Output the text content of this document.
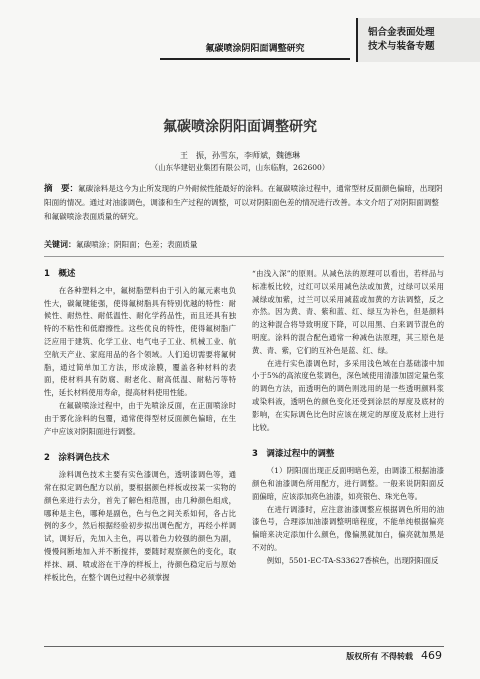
氟碳喷涂阴阳面调整研究
铝合金表面处理
技术与装备专题
氟碳喷涂阴阳面调整研究
王　振，孙雪东，李师斌，魏德琳
（山东华建铝业集团有限公司，山东临朐，262600）
摘　要：氟碳涂料是这今为止所发现的户外耐候性能最好的涂料。在氟碳喷涂过程中，通常型材反面颜色偏暗，出现阴阳面的情况。通过对油漆调色，调漆和生产过程的调整，可以对阴阳面色差的情况进行改善。本文介绍了对阴阳面调整和氟碳喷涂表面质量的研究。
关键词：氟碳喷涂；阴阳面；色差；表面质量
1　概述

在各种塑料之中，氟树脂塑料由于引入的氟元素电负性大，碳氟键能强，使得氟树脂具有特别优越的特性：耐候性、耐热性、耐低温性、耐化学药品性，而且还具有独特的不粘性和低磨擦性。这些优良的特性，使得氟树脂广泛应用于建筑、化学工业、电气电子工业、机械工业、航空航天产业、家庭用品的各个领域。人们追切需要将氟树脂，通过简单加工方法，形成涂膜，覆盖各种材料的表面，使材料具有防腐、耐老化、耐高低温、耐粘污等特性，延长材料使用寿命，提高材料使用性能。

在氟碳喷涂过程中，由于先喷涂反面，在正面喷涂时由于雾化涂料的包覆，通常使得型材反面颜色偏暗，在生产中应该对阴阳面进行调整。

2　涂料调色技术

涂料调色技术主要有实色漆调色，透明漆调色等，通常在拟定调色配方以前，要根据颜色样板或按某一实物的颜色来进行去分，首先了解色相范围，由几种颜色组成，哪种是主色，哪种是副色，色与色之间关系如何，各占比例的多少，然后根据经验初步拟出调色配方，再经小样调试，调好后，先加入主色，再以着色力较强的颜色为副，慢慢间断地加入并不断搅拌，要随时观察颜色的变化，取样抹、刷、喷或浴在干净的样板上，待颜色稳定后与原始样板比色，在整个调色过程中必须掌握

“由浅入深”的原则。从减色法的原理可以看出，若样品与标准板比较，过红可以采用减色法或加黄，过绿可以采用减绿或加紫，过兰可以采用减蓝或加黄的方法调整，反之亦然。因为黄、青、紫和蓝、红、绿互为补色，但是颜料的这种混合将导致明度下降，可以用黑、白来调节混色的明度。涂料的混合配色通常一种减色法原理，其三原色是黄、青、紫，它们的互补色是蓝、红、绿。

在进行实色漆调色时，多采用浅色域在白基础漆中加小于5%的高浓度色浆调色，深色域使用清漆加固定量色浆的调色方法，而透明色的调色则选用的是一些透明颜料浆或染料液，透明色的颜色变化还受到涂层的厚度及底材的影响，在实际调色比色时应该在规定的厚度及底材上进行比较。

3　调漆过程中的调整

（1）阴阳面出现正反面明暗色差，由调漆工根据油漆颜色和油漆调色所用配方，进行调整。一般来说阴阳面反面偏暗，应该添加亮色油漆，如亮银色、珠光色等。

在进行调漆时，应注意油漆调整应根据调色所用的油漆色号，合理添加油漆调整明暗程度，不能单纯根据偏亮偏暗来决定添加什么颜色，像偏黑就加白，偏亮就加黑是不对的。

例如，5501-EC-TA-S33627香槟色，出现阴阳面反

版权所有 不得转载 469
